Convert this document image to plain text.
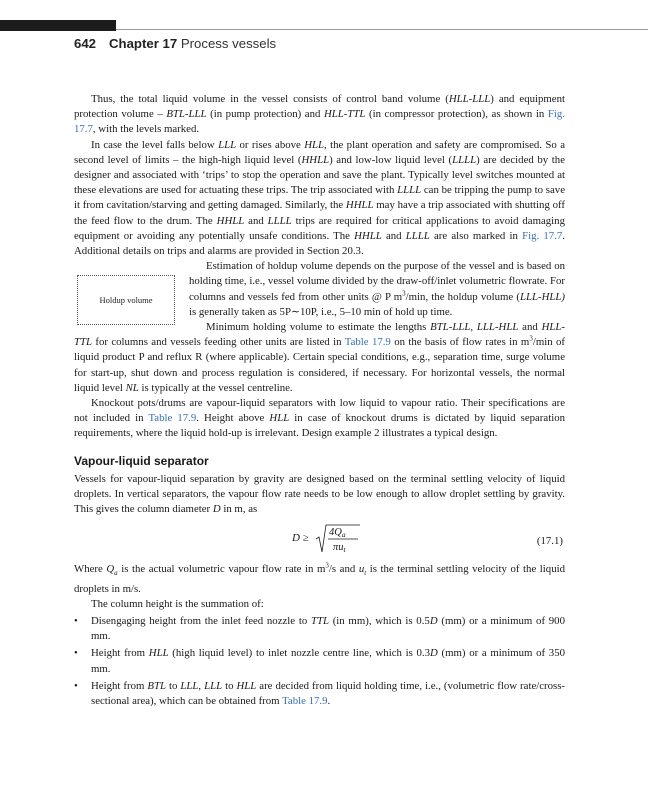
642 Chapter 17 Process vessels

Thus, the total liquid volume in the vessel consists of control band volume (HLL-LLL) and equipment protection volume – BTL-LLL (in pump protection) and HLL-TTL (in compressor protection), as shown in Fig. 17.7, with the levels marked.

In case the level falls below LLL or rises above HLL, the plant operation and safety are compromised. So a second level of limits – the high-high liquid level (HHLL) and low-low liquid level (LLLL) are decided by the designer and associated with ‘trips’ to stop the operation and save the plant. Typically level switches mounted at these elevations are used for actuating these trips. The trip associated with LLLL can be tripping the pump to save it from cavitation/starving and getting damaged. Similarly, the HHLL may have a trip associated with shutting off the feed flow to the drum. The HHLL and LLLL trips are required for critical applications to avoid damaging equipment or avoiding any potentially unsafe conditions. The HHLL and LLLL are also marked in Fig. 17.7. Additional details on trips and alarms are provided in Section 20.3.

Holdup volume

Estimation of holdup volume depends on the purpose of the vessel and is based on holding time, i.e., vessel volume divided by the draw-off/inlet volumetric flowrate. For columns and vessels fed from other units @ P $m^3/\min$, the holdup volume (LLL-HLL) is generally taken as 5P∼10P, i.e., 5–10 min of hold up time.

Minimum holding volume to estimate the lengths BTL-LLL, LLL-HLL and HLL-TTL for columns and vessels feeding other units are listed in Table 17.9 on the basis of flow rates in $m^3/\min$ of liquid product P and reflux R (where applicable). Certain special conditions, e.g., separation time, surge volume for start-up, shut down and process regulation is considered, if necessary. For horizontal vessels, the normal liquid level NL is typically at the vessel centreline.

Knockout pots/drums are vapour-liquid separators with low liquid to vapour ratio. Their specifications are not included in Table 17.9. Height above HLL in case of knockout drums is dictated by liquid separation requirements, where the liquid hold-up is irrelevant. Design example 2 illustrates a typical design.

Vapour-liquid separator

Vessels for vapour-liquid separation by gravity are designed based on the terminal settling velocity of liquid droplets. In vertical separators, the vapour flow rate needs to be low enough to allow droplet settling by gravity. This gives the column diameter D in m, as

D ≥ 4Qa
πut
(17.1)

Where $Q_a$ is the actual volumetric vapour flow rate in $m^3/s$ and $u_t$ is the terminal settling velocity of the liquid droplets in m/s.

The column height is the summation of:

• Disengaging height from the inlet feed nozzle to TTL (in mm), which is 0.5D (mm) or a minimum of 900 mm.
• Height from HLL (high liquid level) to inlet nozzle centre line, which is 0.3D (mm) or a minimum of 350 mm.
• Height from BTL to LLL, LLL to HLL are decided from liquid holding time, i.e., (volumetric flow rate/cross-sectional area), which can be obtained from Table 17.9.
